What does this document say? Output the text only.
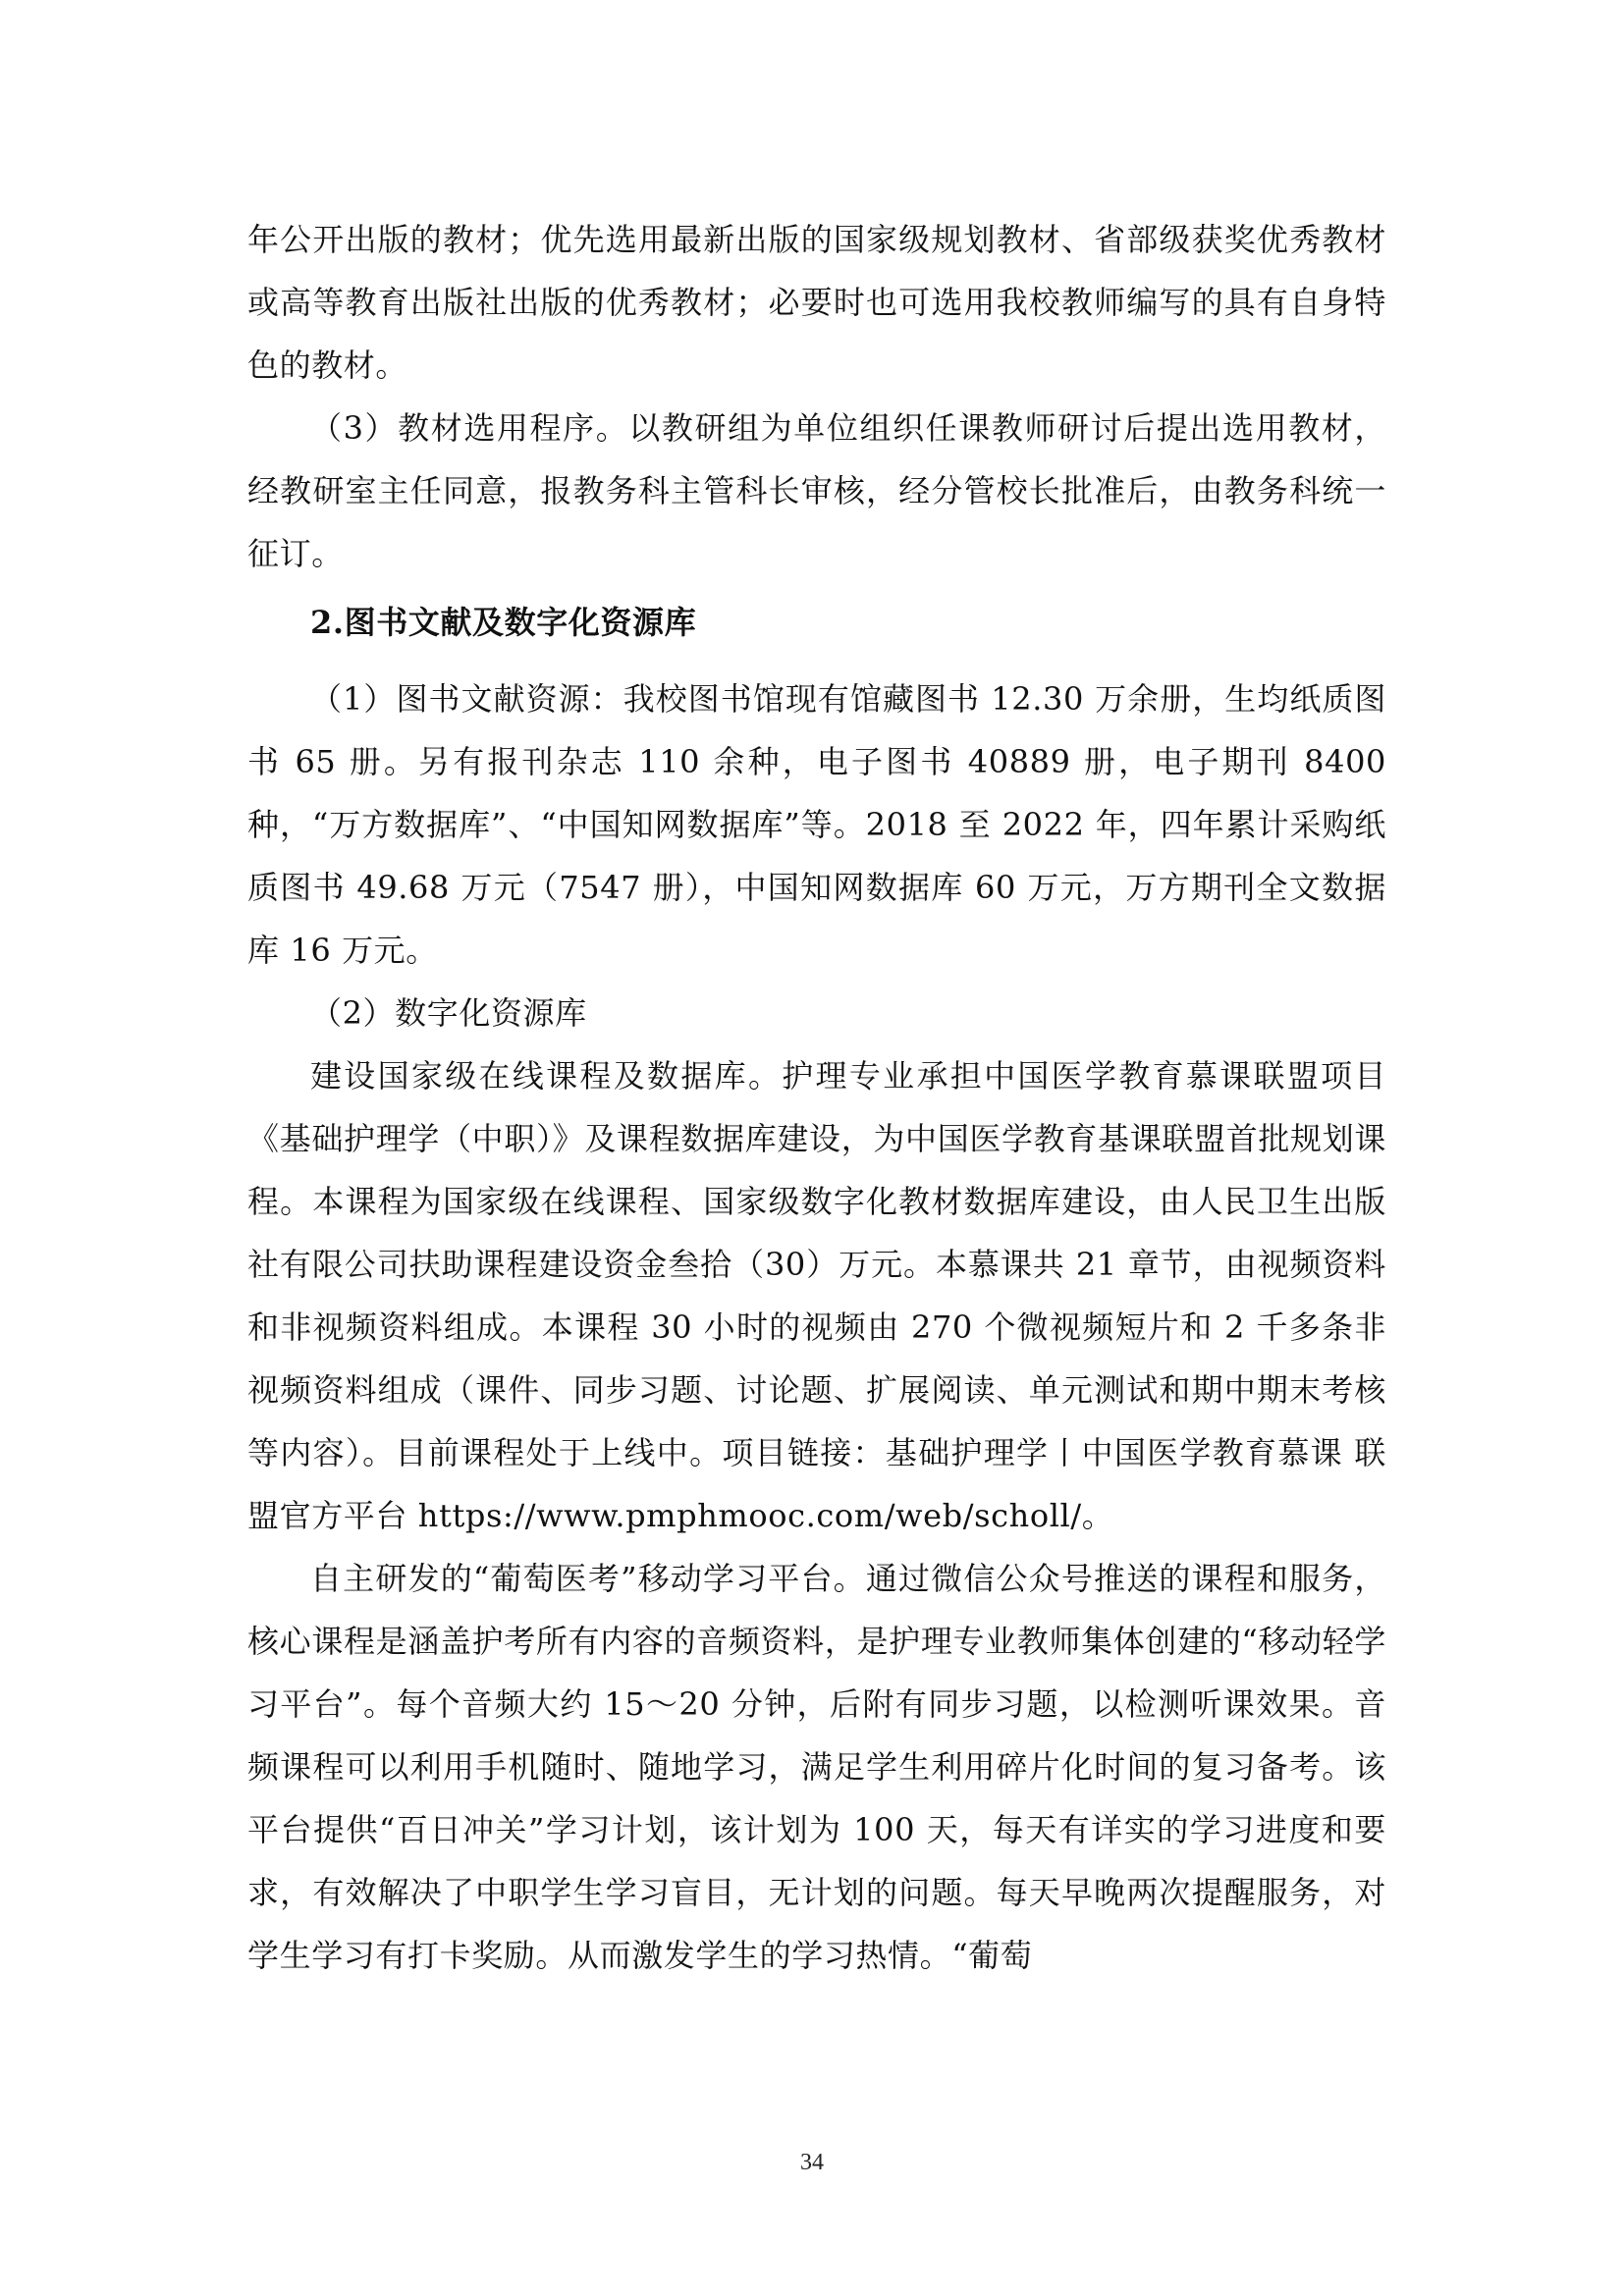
年公开出版的教材；优先选用最新出版的国家级规划教材、省部级获奖优秀教材或高等教育出版社出版的优秀教材；必要时也可选用我校教师编写的具有自身特色的教材。

（3）教材选用程序。以教研组为单位组织任课教师研讨后提出选用教材，经教研室主任同意，报教务科主管科长审核，经分管校长批准后，由教务科统一征订。

2.图书文献及数字化资源库

（1）图书文献资源：我校图书馆现有馆藏图书 12.30 万余册，生均纸质图书 65 册。另有报刊杂志 110 余种，电子图书 40889 册，电子期刊 8400 种，“万方数据库”、“中国知网数据库”等。2018 至 2022 年，四年累计采购纸质图书 49.68 万元（7547 册），中国知网数据库 60 万元，万方期刊全文数据库 16 万元。

（2）数字化资源库

建设国家级在线课程及数据库。护理专业承担中国医学教育慕课联盟项目《基础护理学（中职）》及课程数据库建设，为中国医学教育基课联盟首批规划课程。本课程为国家级在线课程、国家级数字化教材数据库建设，由人民卫生出版社有限公司扶助课程建设资金叁拾（30）万元。本慕课共 21 章节，由视频资料和非视频资料组成。本课程 30 小时的视频由 270 个微视频短片和 2 千多条非视频资料组成（课件、同步习题、讨论题、扩展阅读、单元测试和期中期末考核等内容）。目前课程处于上线中。项目链接：基础护理学丨中国医学教育慕课 联盟官方平台 https://www.pmphmooc.com/web/scholl/。

自主研发的“葡萄医考”移动学习平台。通过微信公众号推送的课程和服务，核心课程是涵盖护考所有内容的音频资料，是护理专业教师集体创建的“移动轻学习平台”。每个音频大约 15～20 分钟，后附有同步习题，以检测听课效果。音频课程可以利用手机随时、随地学习，满足学生利用碎片化时间的复习备考。该平台提供“百日冲关”学习计划，该计划为 100 天，每天有详实的学习进度和要求，有效解决了中职学生学习盲目，无计划的问题。每天早晚两次提醒服务，对学生学习有打卡奖励。从而激发学生的学习热情。“葡萄

34
